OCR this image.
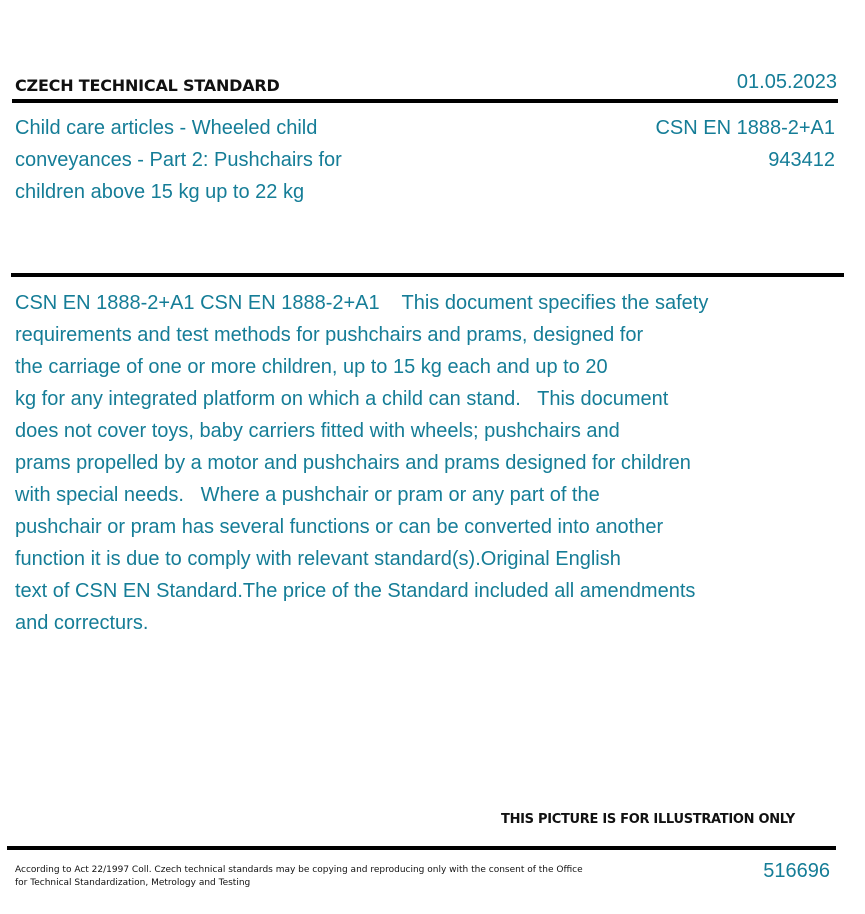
CZECH TECHNICAL STANDARD	01.05.2023
Child care articles - Wheeled child conveyances - Part 2: Pushchairs for children above 15 kg up to 22 kg
CSN EN 1888-2+A1
943412
CSN EN 1888-2+A1 CSN EN 1888-2+A1    This document specifies the safety
requirements and test methods for pushchairs and prams, designed for
the carriage of one or more children, up to 15 kg each and up to 20
kg for any integrated platform on which a child can stand.   This document
does not cover toys, baby carriers fitted with wheels; pushchairs and
prams propelled by a motor and pushchairs and prams designed for children
with special needs.   Where a pushchair or pram or any part of the
pushchair or pram has several functions or can be converted into another
function it is due to comply with relevant standard(s).Original English
text of CSN EN Standard.The price of the Standard included all amendments
and correcturs.
THIS PICTURE IS FOR ILLUSTRATION ONLY
According to Act 22/1997 Coll. Czech technical standards may be copying and reproducing only with the consent of the Office
for Technical Standardization, Metrology and Testing
516696
